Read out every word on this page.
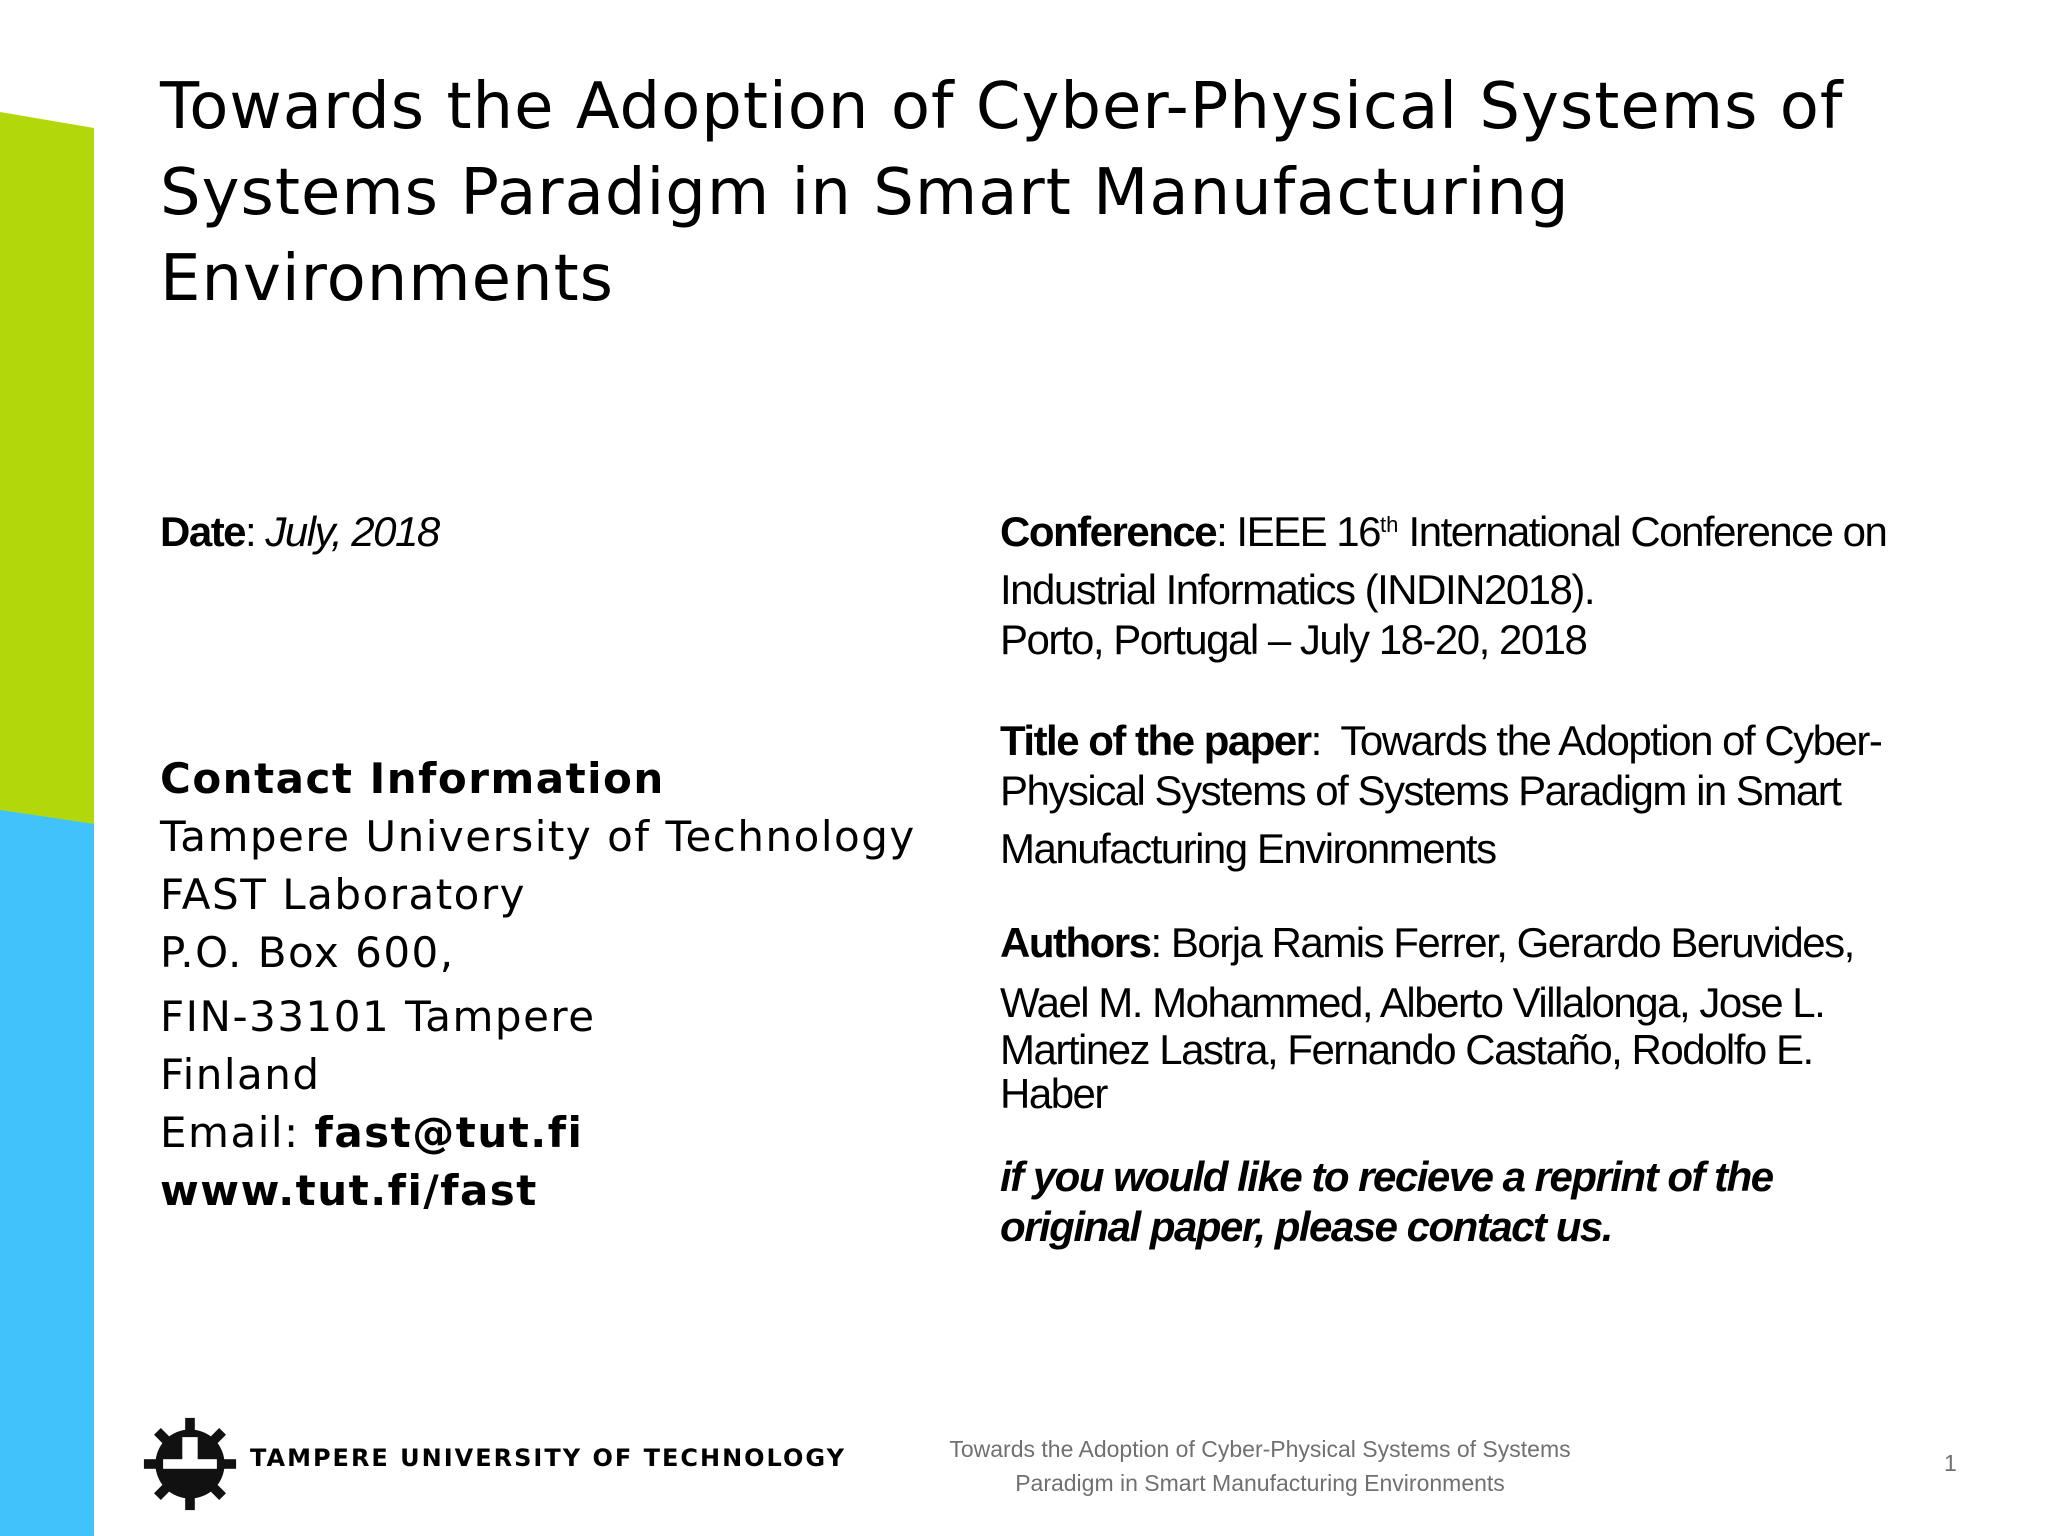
Towards the Adoption of Cyber-Physical Systems of Systems Paradigm in Smart Manufacturing Environments
Date: July, 2018
Contact Information
Tampere University of Technology
FAST Laboratory
P.O. Box 600,
FIN-33101 Tampere
Finland
Email: fast@tut.fi
www.tut.fi/fast
Conference: IEEE 16th International Conference on
Industrial Informatics (INDIN2018).
Porto, Portugal – July 18-20, 2018
Title of the paper:  Towards the Adoption of Cyber-
Physical Systems of Systems Paradigm in Smart
Manufacturing Environments
Authors: Borja Ramis Ferrer, Gerardo Beruvides,
Wael M. Mohammed, Alberto Villalonga, Jose L.
Martinez Lastra, Fernando Castaño, Rodolfo E.
Haber
if you would like to recieve a reprint of the
original paper, please contact us.
TAMPERE UNIVERSITY OF TECHNOLOGY	Towards the Adoption of Cyber-Physical Systems of Systems
Paradigm in Smart Manufacturing Environments
1
